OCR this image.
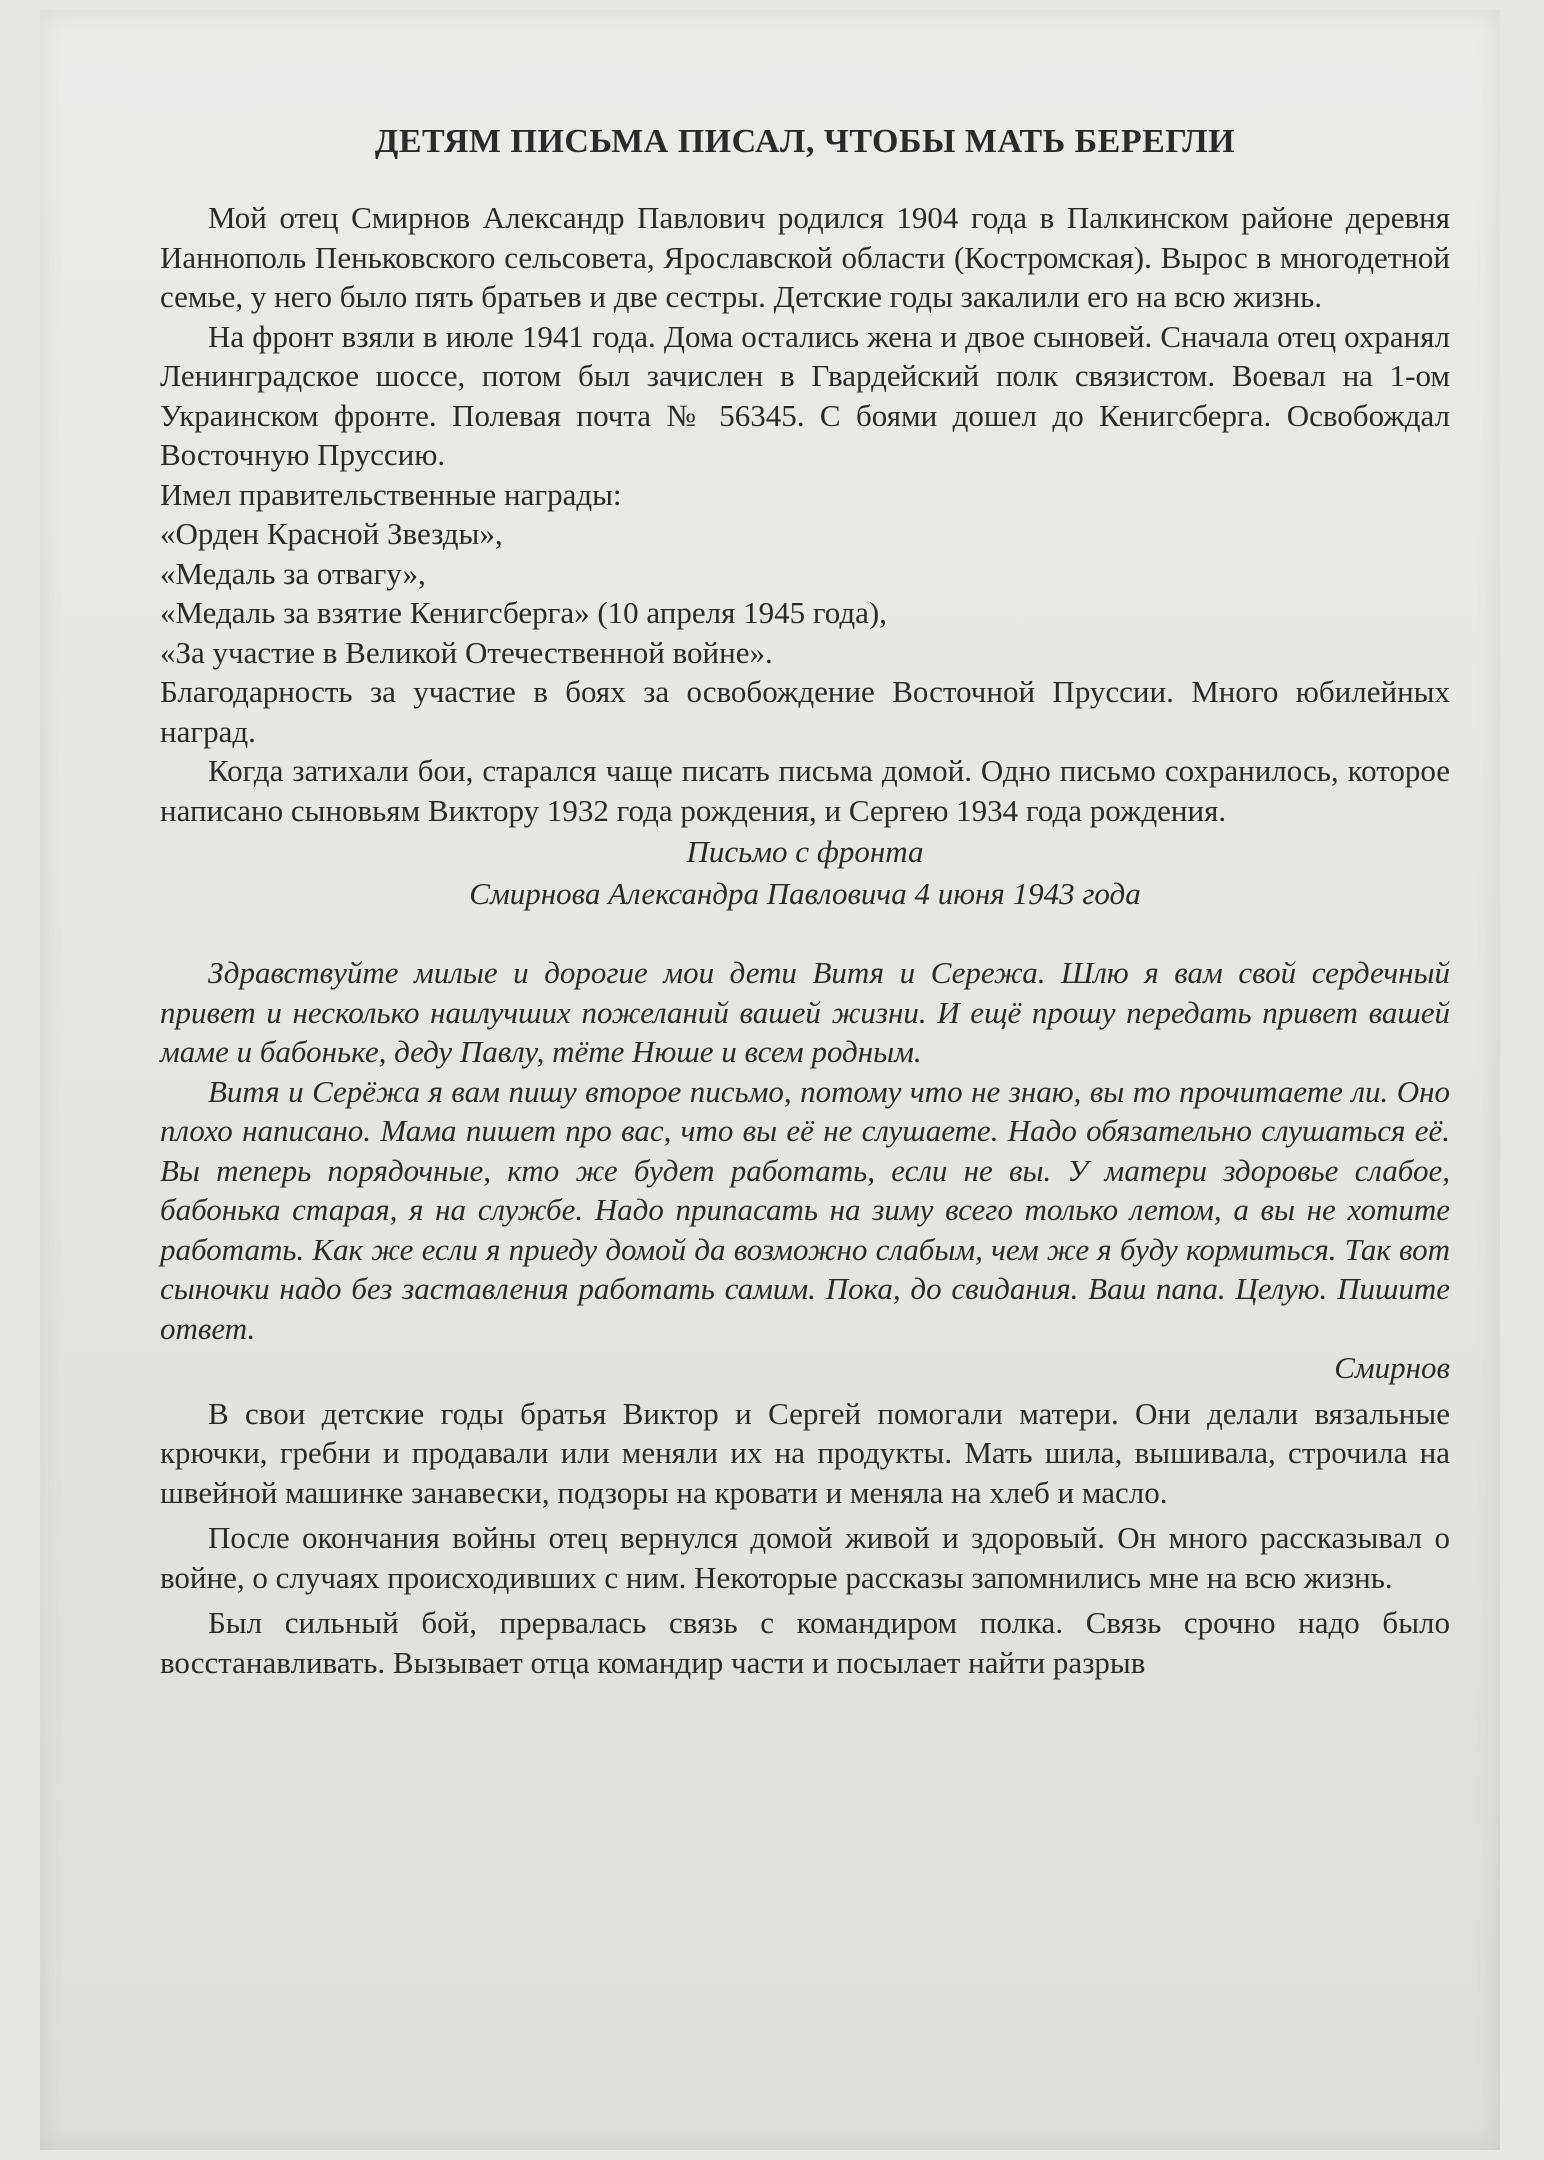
ДЕТЯМ ПИСЬМА ПИСАЛ, ЧТОБЫ МАТЬ БЕРЕГЛИ
Мой отец Смирнов Александр Павлович родился 1904 года в Палкинском районе деревня Ианнополь Пеньковского сельсовета, Ярославской области (Костромская). Вырос в многодетной семье, у него было пять братьев и две сестры. Детские годы закалили его на всю жизнь.
На фронт взяли в июле 1941 года. Дома остались жена и двое сыновей. Сначала отец охранял Ленинградское шоссе, потом был зачислен в Гвардейский полк связистом. Воевал на 1-ом Украинском фронте. Полевая почта № 56345. С боями дошел до Кенигсберга. Освобождал Восточную Пруссию.
Имел правительственные награды:
«Орден Красной Звезды»,
«Медаль за отвагу»,
«Медаль за взятие Кенигсберга» (10 апреля 1945 года),
«За участие в Великой Отечественной войне».
Благодарность за участие в боях за освобождение Восточной Пруссии. Много юбилейных наград.
Когда затихали бои, старался чаще писать письма домой. Одно письмо сохранилось, которое написано сыновьям Виктору 1932 года рождения, и Сергею 1934 года рождения.
Письмо с фронта
Смирнова Александра Павловича 4 июня 1943 года
Здравствуйте милые и дорогие мои дети Витя и Сережа. Шлю я вам свой сердечный привет и несколько наилучших пожеланий вашей жизни. И ещё прошу передать привет вашей маме и бабоньке, деду Павлу, тёте Нюше и всем родным.
Витя и Серёжа я вам пишу второе письмо, потому что не знаю, вы то прочитаете ли. Оно плохо написано. Мама пишет про вас, что вы её не слушаете. Надо обязательно слушаться её. Вы теперь порядочные, кто же будет работать, если не вы. У матери здоровье слабое, бабонька старая, я на службе. Надо припасать на зиму всего только летом, а вы не хотите работать. Как же если я приеду домой да возможно слабым, чем же я буду кормиться. Так вот сыночки надо без заставления работать самим. Пока, до свидания. Ваш папа. Целую. Пишите ответ.
Смирнов
В свои детские годы братья Виктор и Сергей помогали матери. Они делали вязальные крючки, гребни и продавали или меняли их на продукты. Мать шила, вышивала, строчила на швейной машинке занавески, подзоры на кровати и меняла на хлеб и масло.
После окончания войны отец вернулся домой живой и здоровый. Он много рассказывал о войне, о случаях происходивших с ним. Некоторые рассказы запомнились мне на всю жизнь.
Был сильный бой, прервалась связь с командиром полка. Связь срочно надо было восстанавливать. Вызывает отца командир части и посылает найти разрыв
